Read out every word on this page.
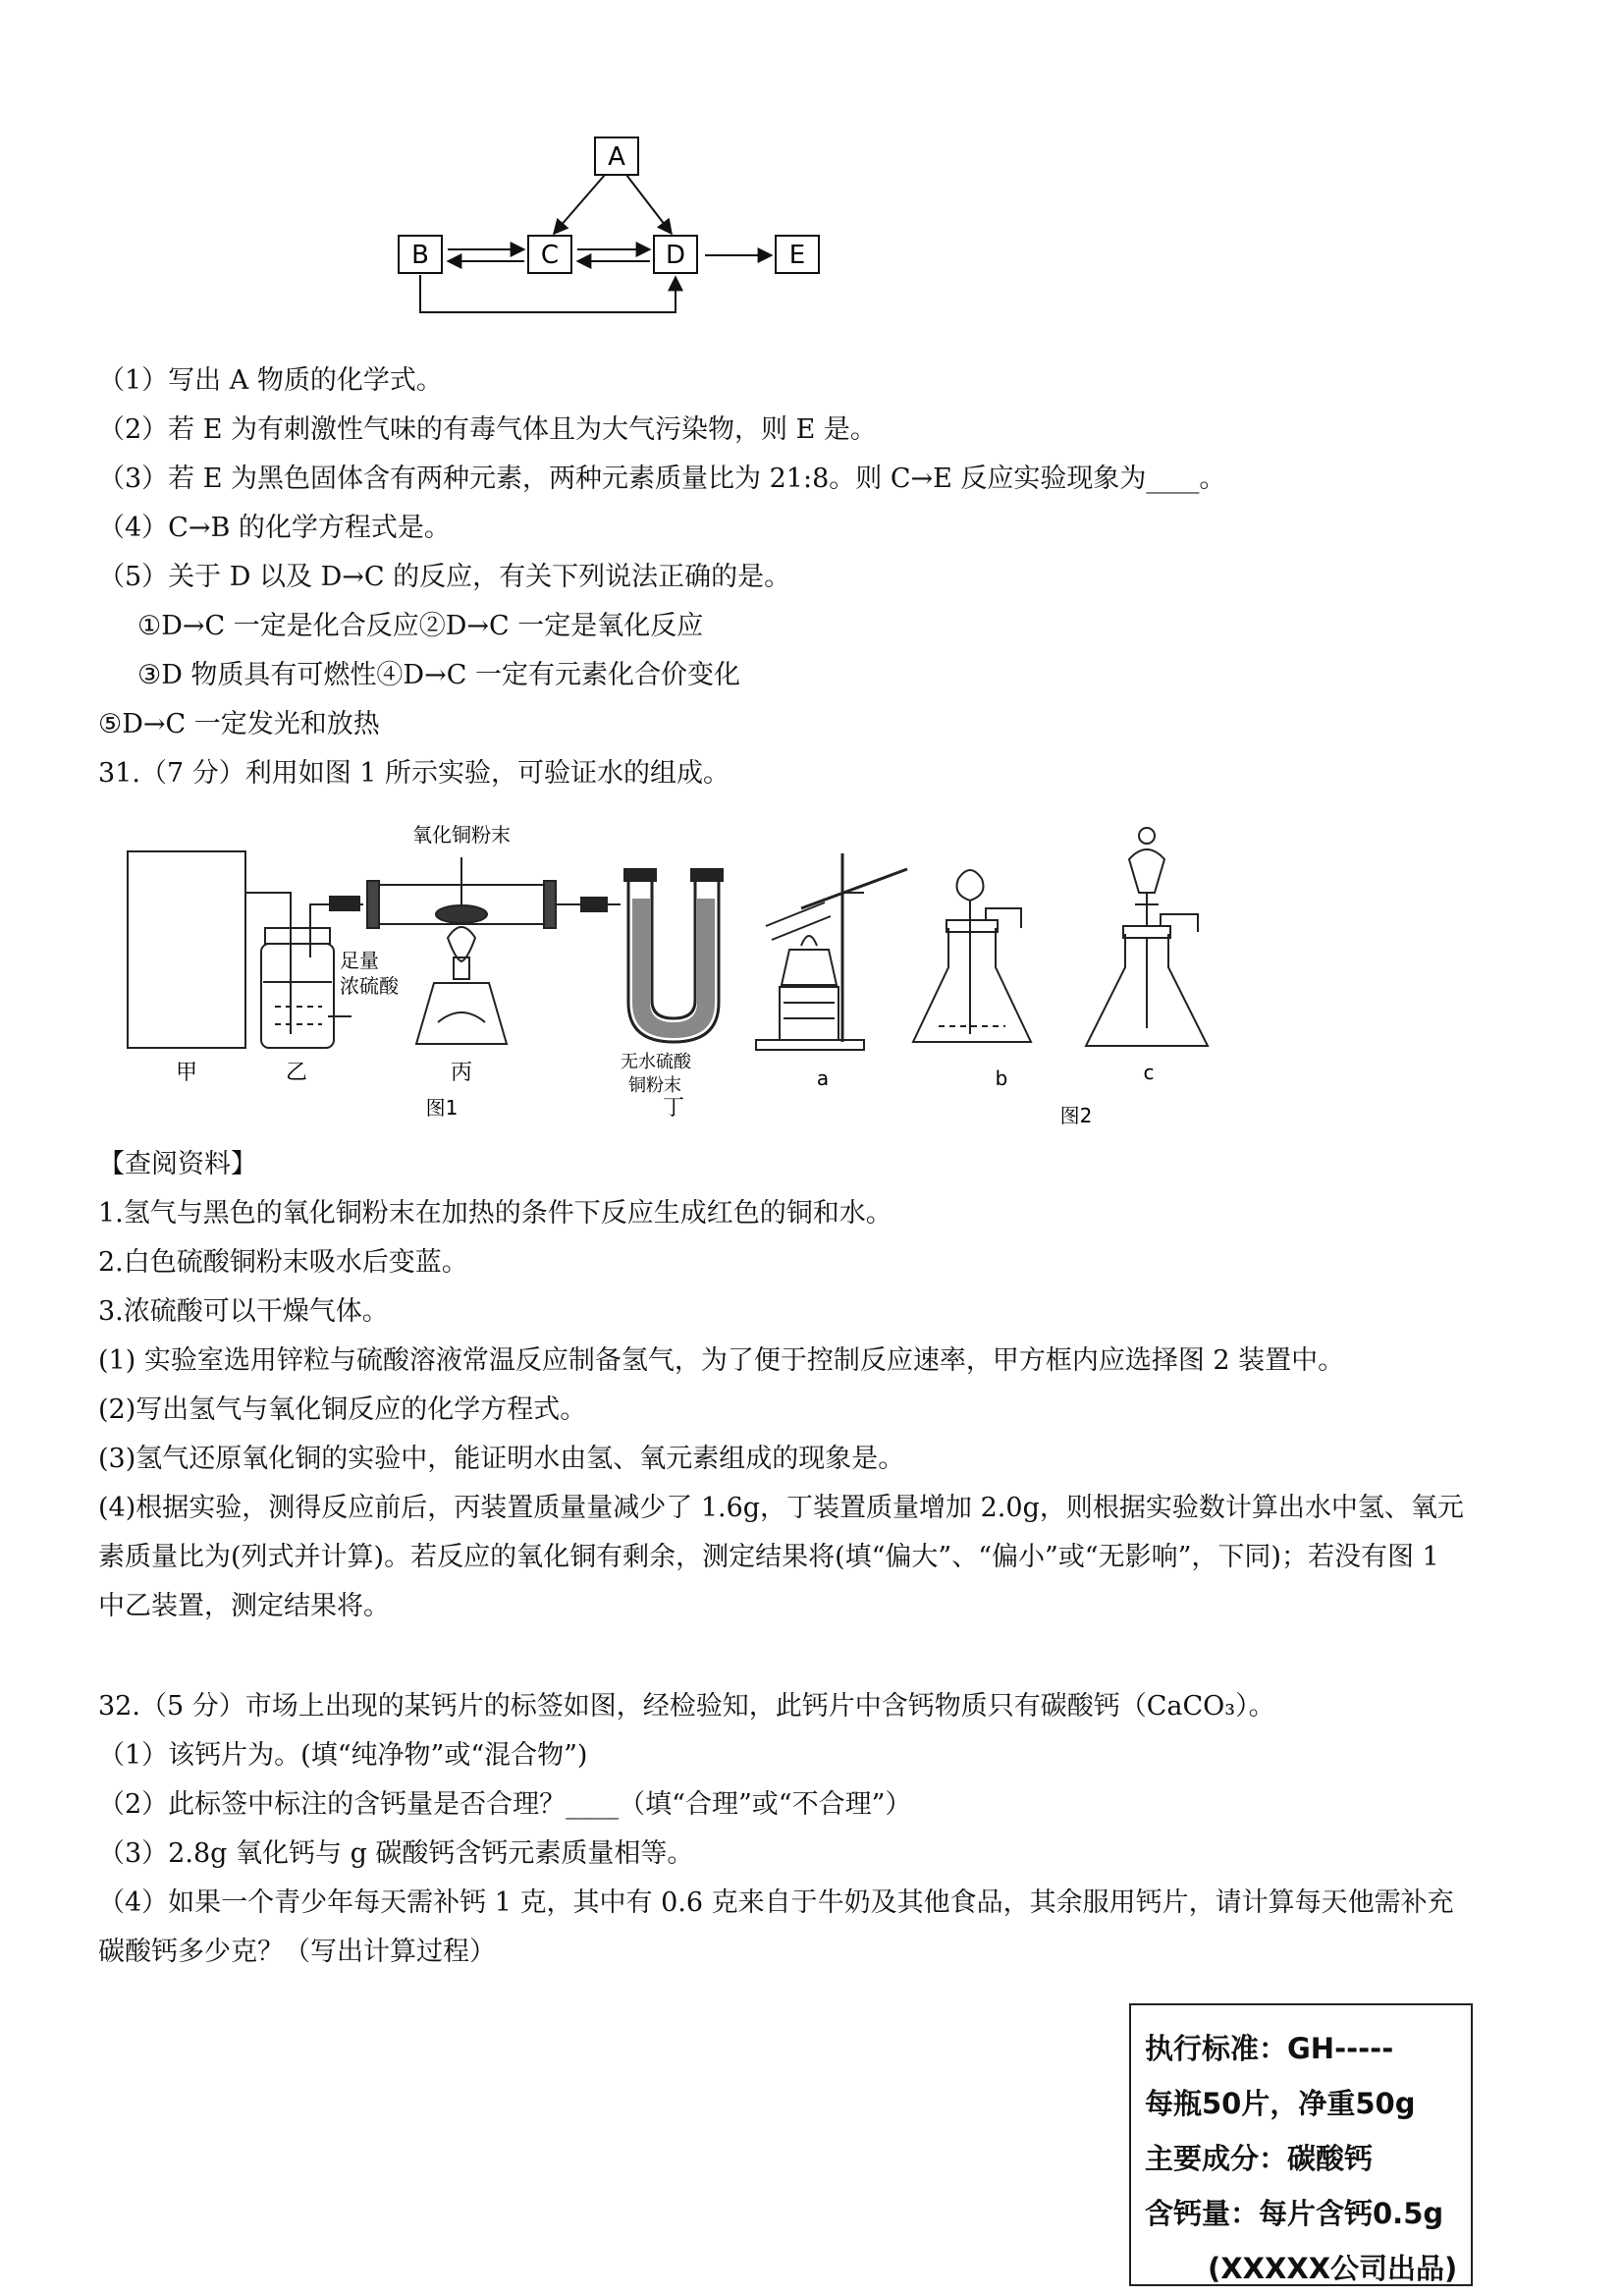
A
B	C	D	E
（1）写出 A 物质的化学式。
（2）若 E 为有刺激性气味的有毒气体且为大气污染物，则 E 是。
（3）若 E 为黑色固体含有两种元素，两种元素质量比为 21:8。则 C→E 反应实验现象为____。
（4）C→B 的化学方程式是。
（5）关于 D 以及 D→C 的反应，有关下列说法正确的是。
①D→C 一定是化合反应②D→C 一定是氧化反应
③D 物质具有可燃性④D→C 一定有元素化合价变化
⑤D→C 一定发光和放热
31.（7 分）利用如图 1 所示实验，可验证水的组成。
氧化铜粉末
足量
浓硫酸
无水硫酸
铜粉末
甲	乙	丙
丁
图1
a	b	c
图2
【查阅资料】
1.氢气与黑色的氧化铜粉末在加热的条件下反应生成红色的铜和水。
2.白色硫酸铜粉末吸水后变蓝。
3.浓硫酸可以干燥气体。
(1) 实验室选用锌粒与硫酸溶液常温反应制备氢气，为了便于控制反应速率，甲方框内应选择图 2 装置中。
(2)写出氢气与氧化铜反应的化学方程式。
(3)氢气还原氧化铜的实验中，能证明水由氢、氧元素组成的现象是。
(4)根据实验，测得反应前后，丙装置质量量减少了 1.6g，丁装置质量增加 2.0g，则根据实验数计算出水中氢、氧元
素质量比为(列式并计算)。若反应的氧化铜有剩余，测定结果将(填“偏大”、“偏小”或“无影响”，下同)；若没有图 1
中乙装置，测定结果将。
32.（5 分）市场上出现的某钙片的标签如图，经检验知，此钙片中含钙物质只有碳酸钙（CaCO₃）。
（1）该钙片为。(填“纯净物”或“混合物”)
（2）此标签中标注的含钙量是否合理？____（填“合理”或“不合理”）
（3）2.8g 氧化钙与 g 碳酸钙含钙元素质量相等。
（4）如果一个青少年每天需补钙 1 克，其中有 0.6 克来自于牛奶及其他食品，其余服用钙片，请计算每天他需补充
碳酸钙多少克？（写出计算过程）
执行标准：GH-----
每瓶50片，净重50g
主要成分：碳酸钙
含钙量：每片含钙0.5g
(XXXXX公司出品)
